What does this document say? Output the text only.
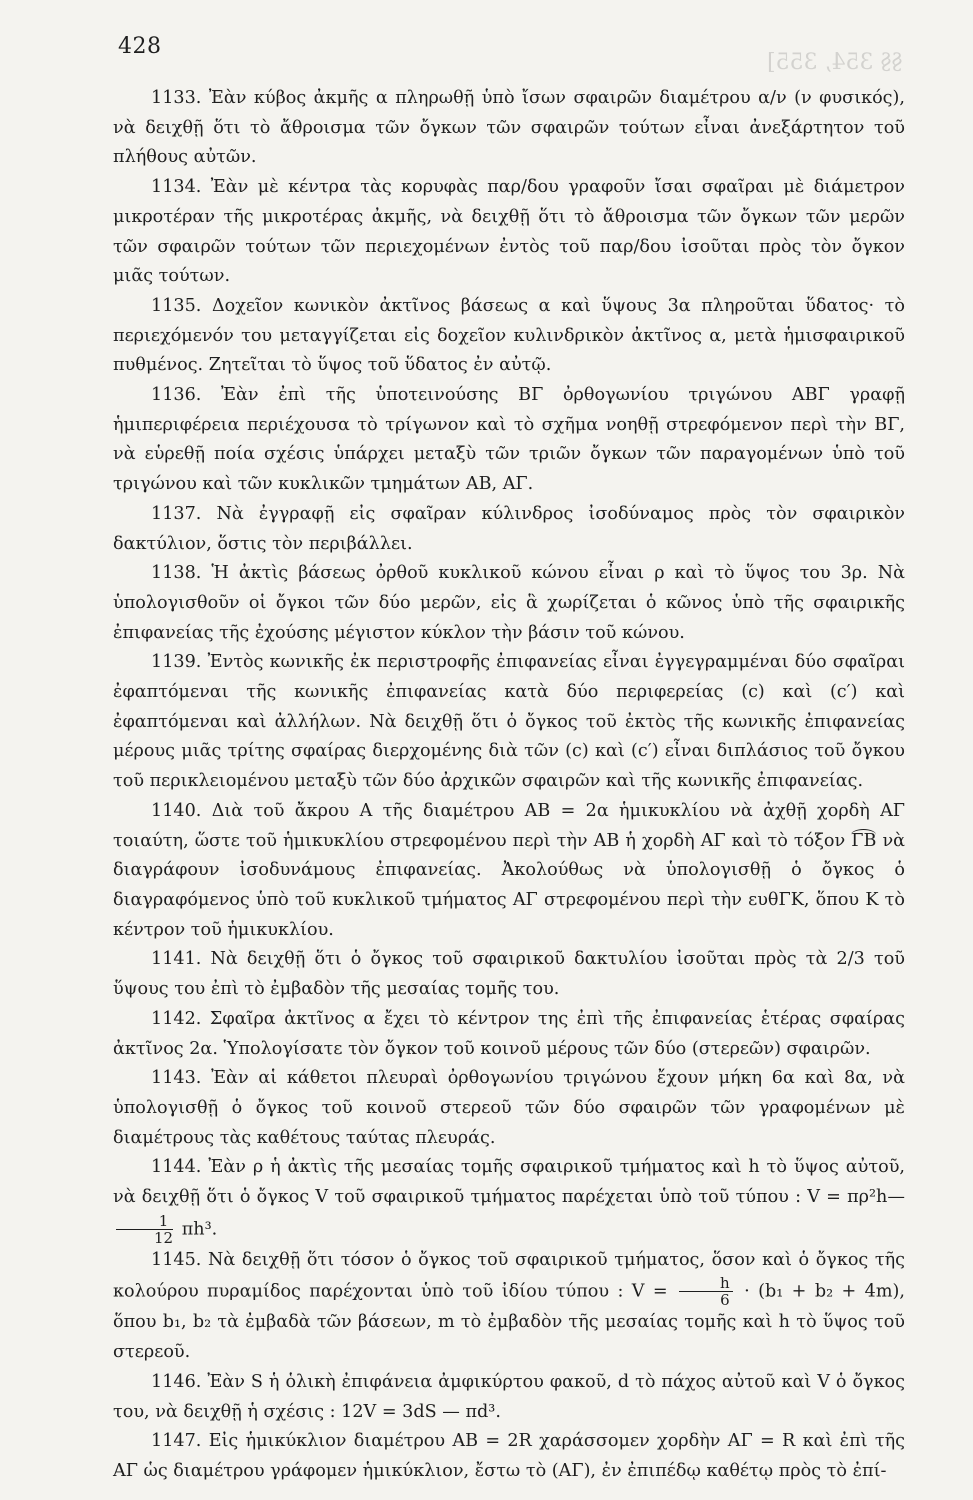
428
§§ 354, 355]

1133. Ἐὰν κύβος ἀκμῆς α πληρωθῇ ὑπὸ ἴσων σφαιρῶν διαμέτρου α/ν (ν φυσικός), νὰ δειχθῇ ὅτι τὸ ἄθροισμα τῶν ὄγκων τῶν σφαιρῶν τούτων εἶναι ἀνεξάρτητον τοῦ πλήθους αὐτῶν.

1134. Ἐὰν μὲ κέντρα τὰς κορυφὰς παρ/δου γραφοῦν ἴσαι σφαῖραι μὲ διάμετρον μικροτέραν τῆς μικροτέρας ἀκμῆς, νὰ δειχθῇ ὅτι τὸ ἄθροισμα τῶν ὄγκων τῶν μερῶν τῶν σφαιρῶν τούτων τῶν περιεχομένων ἐντὸς τοῦ παρ/δου ἰσοῦται πρὸς τὸν ὄγκον μιᾶς τούτων.

1135. Δοχεῖον κωνικὸν ἀκτῖνος βάσεως α καὶ ὕψους 3α πληροῦται ὕδατος· τὸ περιεχόμενόν του μεταγγίζεται εἰς δοχεῖον κυλινδρικὸν ἀκτῖνος α, μετὰ ἡμισφαιρικοῦ πυθμένος. Ζητεῖται τὸ ὕψος τοῦ ὕδατος ἐν αὐτῷ.

1136. Ἐὰν ἐπὶ τῆς ὑποτεινούσης ΒΓ ὀρθογωνίου τριγώνου ΑΒΓ γραφῇ ἡμιπεριφέρεια περιέχουσα τὸ τρίγωνον καὶ τὸ σχῆμα νοηθῇ στρεφόμενον περὶ τὴν ΒΓ, νὰ εὑρεθῇ ποία σχέσις ὑπάρχει μεταξὺ τῶν τριῶν ὄγκων τῶν παραγομένων ὑπὸ τοῦ τριγώνου καὶ τῶν κυκλικῶν τμημάτων ΑΒ, ΑΓ.

1137. Νὰ ἐγγραφῇ εἰς σφαῖραν κύλινδρος ἰσοδύναμος πρὸς τὸν σφαιρικὸν δακτύλιον, ὅστις τὸν περιβάλλει.

1138. Ἡ ἀκτὶς βάσεως ὀρθοῦ κυκλικοῦ κώνου εἶναι ρ καὶ τὸ ὕψος του 3ρ. Νὰ ὑπολογισθοῦν οἱ ὄγκοι τῶν δύο μερῶν, εἰς ἃ χωρίζεται ὁ κῶνος ὑπὸ τῆς σφαιρικῆς ἐπιφανείας τῆς ἐχούσης μέγιστον κύκλον τὴν βάσιν τοῦ κώνου.

1139. Ἐντὸς κωνικῆς ἐκ περιστροφῆς ἐπιφανείας εἶναι ἐγγεγραμμέναι δύο σφαῖραι ἐφαπτόμεναι τῆς κωνικῆς ἐπιφανείας κατὰ δύο περιφερείας (c) καὶ (c′) καὶ ἐφαπτόμεναι καὶ ἀλλήλων. Νὰ δειχθῇ ὅτι ὁ ὄγκος τοῦ ἐκτὸς τῆς κωνικῆς ἐπιφανείας μέρους μιᾶς τρίτης σφαίρας διερχομένης διὰ τῶν (c) καὶ (c′) εἶναι διπλάσιος τοῦ ὄγκου τοῦ περικλειομένου μεταξὺ τῶν δύο ἀρχικῶν σφαιρῶν καὶ τῆς κωνικῆς ἐπιφανείας.

1140. Διὰ τοῦ ἄκρου Α τῆς διαμέτρου ΑΒ = 2α ἡμικυκλίου νὰ ἀχθῇ χορδὴ ΑΓ τοιαύτη, ὥστε τοῦ ἡμικυκλίου στρεφομένου περὶ τὴν ΑΒ ἡ χορδὴ ΑΓ καὶ τὸ τόξον ΓΒ νὰ διαγράφουν ἰσοδυνάμους ἐπιφανείας. Ἀκολούθως νὰ ὑπολογισθῇ ὁ ὄγκος ὁ διαγραφόμενος ὑπὸ τοῦ κυκλικοῦ τμήματος ΑΓ στρεφομένου περὶ τὴν ευθΓΚ, ὅπου Κ τὸ κέντρον τοῦ ἡμικυκλίου.

1141. Νὰ δειχθῇ ὅτι ὁ ὄγκος τοῦ σφαιρικοῦ δακτυλίου ἰσοῦται πρὸς τὰ 2/3 τοῦ ὕψους του ἐπὶ τὸ ἐμβαδὸν τῆς μεσαίας τομῆς του.

1142. Σφαῖρα ἀκτῖνος α ἔχει τὸ κέντρον της ἐπὶ τῆς ἐπιφανείας ἑτέρας σφαίρας ἀκτῖνος 2α. Ὑπολογίσατε τὸν ὄγκον τοῦ κοινοῦ μέρους τῶν δύο (στερεῶν) σφαιρῶν.

1143. Ἐὰν αἱ κάθετοι πλευραὶ ὀρθογωνίου τριγώνου ἔχουν μήκη 6α καὶ 8α, νὰ ὑπολογισθῇ ὁ ὄγκος τοῦ κοινοῦ στερεοῦ τῶν δύο σφαιρῶν τῶν γραφομένων μὲ διαμέτρους τὰς καθέτους ταύτας πλευράς.

1144. Ἐὰν ρ ἡ ἀκτὶς τῆς μεσαίας τομῆς σφαιρικοῦ τμήματος καὶ h τὸ ὕψος αὐτοῦ, νὰ δειχθῇ ὅτι ὁ ὄγκος V τοῦ σφαιρικοῦ τμήματος παρέχεται ὑπὸ τοῦ τύπου : V = πρ²h—
$\frac{1}{12} \pi h^3$.

1145. Νὰ δειχθῇ ὅτι τόσον ὁ ὄγκος τοῦ σφαιρικοῦ τμήματος, ὅσον καὶ ὁ ὄγκος τῆς κολούρου πυραμίδος παρέχονται ὑπὸ τοῦ ἰδίου τύπου : $V = \frac{h}{6} \cdot (b_1 + b_2 + 4m)$, ὅπου b₁, b₂ τὰ ἐμβαδὰ τῶν βάσεων, m τὸ ἐμβαδὸν τῆς μεσαίας τομῆς καὶ h τὸ ὕψος τοῦ στερεοῦ.

1146. Ἐὰν S ἡ ὁλικὴ ἐπιφάνεια ἀμφικύρτου φακοῦ, d τὸ πάχος αὐτοῦ καὶ V ὁ ὄγκος του, νὰ δειχθῇ ἡ σχέσις : 12V = 3dS — πd³.

1147. Εἰς ἡμικύκλιον διαμέτρου ΑΒ = 2R χαράσσομεν χορδὴν ΑΓ = R καὶ ἐπὶ τῆς ΑΓ ὡς διαμέτρου γράφομεν ἡμικύκλιον, ἔστω τὸ (ΑΓ), ἐν ἐπιπέδῳ καθέτῳ πρὸς τὸ ἐπί-
